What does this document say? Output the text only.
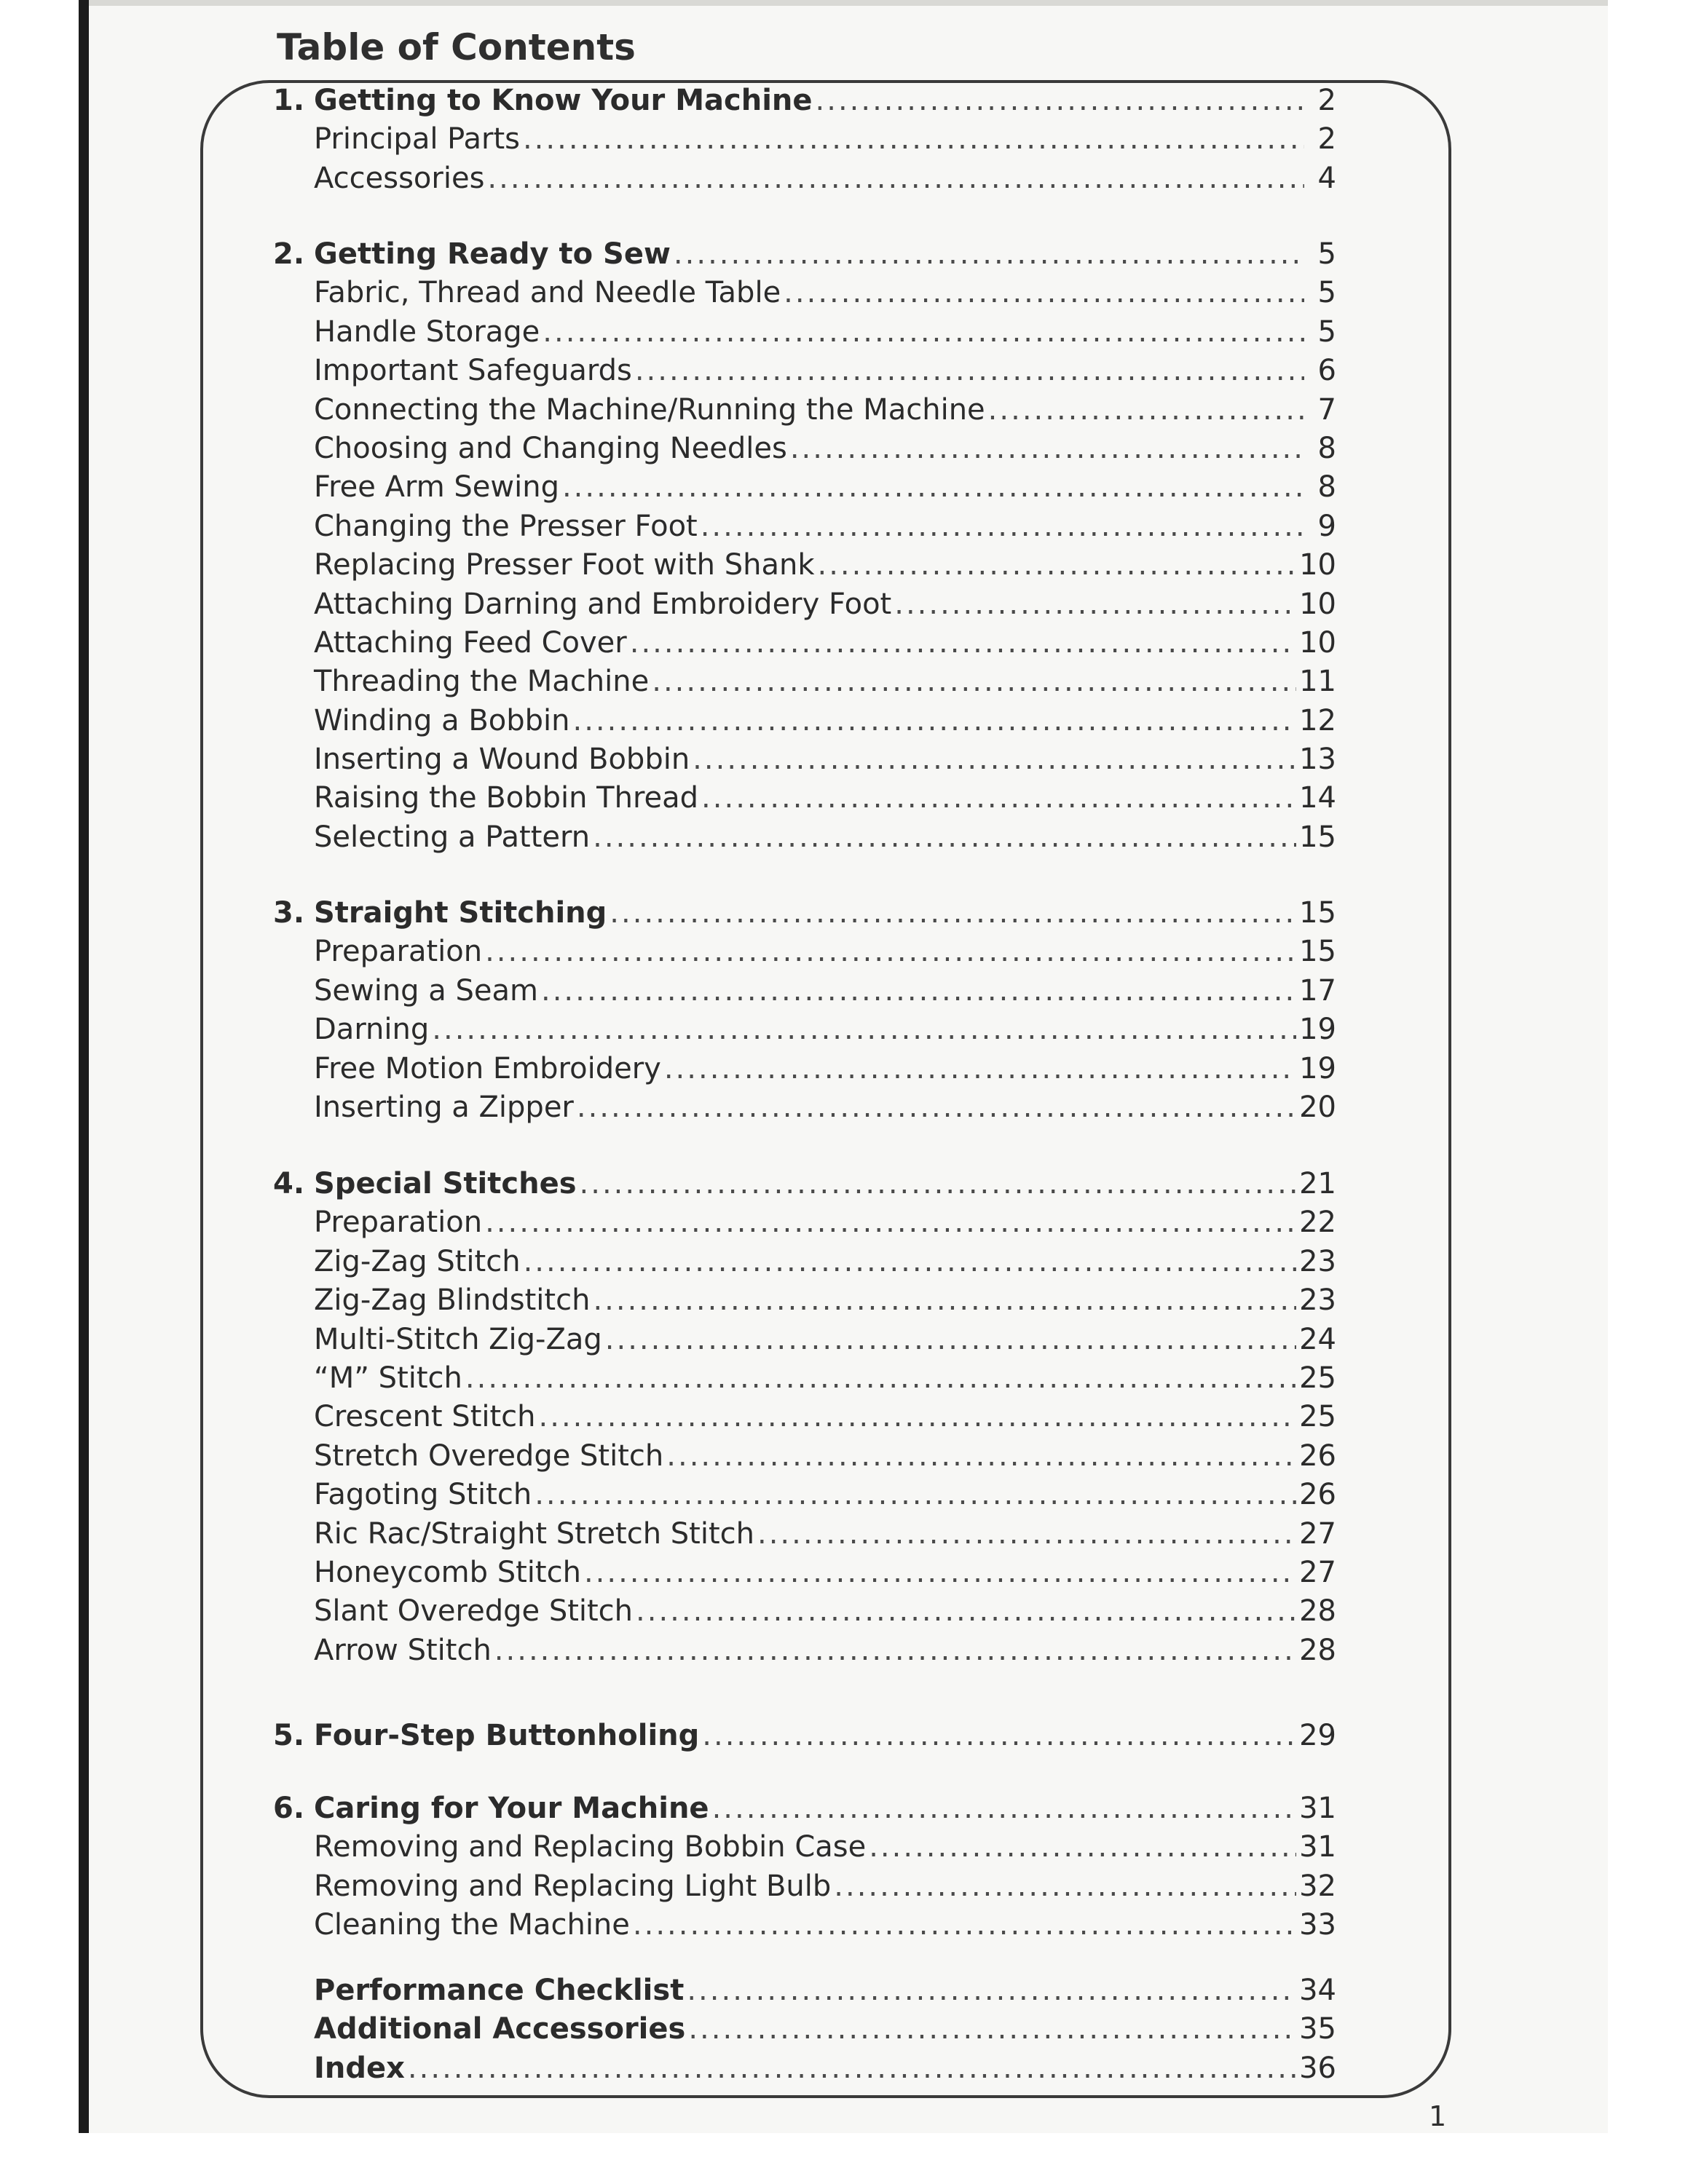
Table of Contents
1. Getting to Know Your Machine .....	2
Principal Parts .....	2
Accessories .....	4
2. Getting Ready to Sew .....	5
Fabric, Thread and Needle Table .....	5
Handle Storage .....	5
Important Safeguards .....	6
Connecting the Machine/Running the Machine .....	7
Choosing and Changing Needles .....	8
Free Arm Sewing .....	8
Changing the Presser Foot .....	9
Replacing Presser Foot with Shank .....	10
Attaching Darning and Embroidery Foot .....	10
Attaching Feed Cover .....	10
Threading the Machine .....	11
Winding a Bobbin .....	12
Inserting a Wound Bobbin .....	13
Raising the Bobbin Thread .....	14
Selecting a Pattern .....	15
3. Straight Stitching .....	15
Preparation .....	15
Sewing a Seam .....	17
Darning .....	19
Free Motion Embroidery .....	19
Inserting a Zipper .....	20
4. Special Stitches .....	21
Preparation .....	22
Zig-Zag Stitch .....	23
Zig-Zag Blindstitch .....	23
Multi-Stitch Zig-Zag .....	24
“M” Stitch .....	25
Crescent Stitch .....	25
Stretch Overedge Stitch .....	26
Fagoting Stitch .....	26
Ric Rac/Straight Stretch Stitch .....	27
Honeycomb Stitch .....	27
Slant Overedge Stitch .....	28
Arrow Stitch .....	28
5. Four-Step Buttonholing .....	29
6. Caring for Your Machine .....	31
Removing and Replacing Bobbin Case .....	31
Removing and Replacing Light Bulb .....	32
Cleaning the Machine .....	33
Performance Checklist .....	34
Additional Accessories .....	35
Index .....	36
1
